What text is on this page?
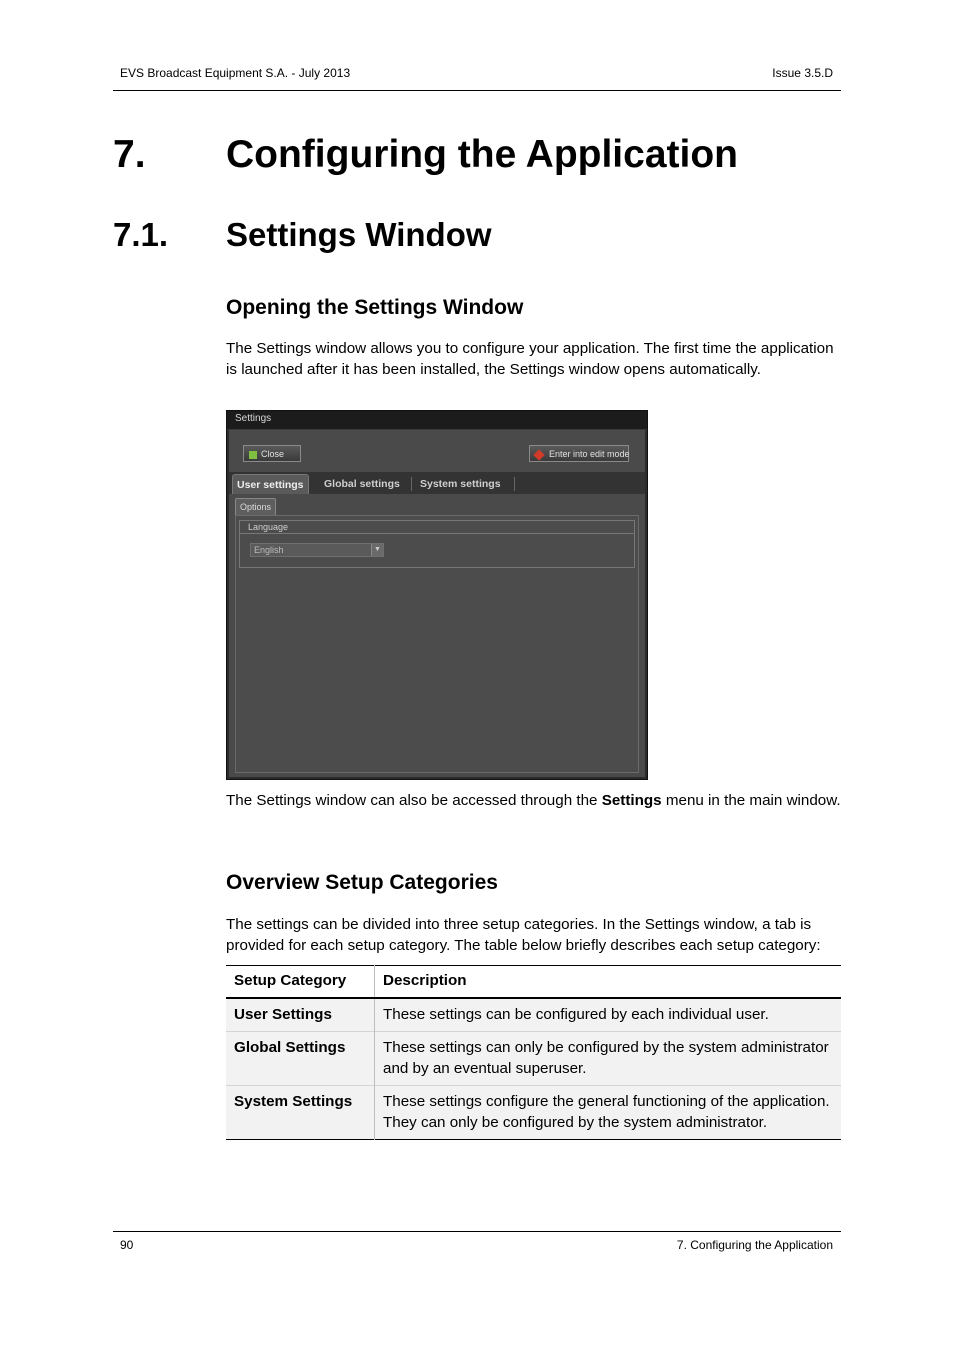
EVS Broadcast Equipment S.A. - July 2013	Issue 3.5.D
7. Configuring the Application
7.1. Settings Window
Opening the Settings Window
The Settings window allows you to configure your application. The first time the application is launched after it has been installed, the Settings window opens automatically.
Settings
Close	Enter into edit mode
User settings	Global settings	System settings
Options
Language
English	▼
The Settings window can also be accessed through the Settings menu in the main window.
Overview Setup Categories
The settings can be divided into three setup categories. In the Settings window, a tab is provided for each setup category. The table below briefly describes each setup category:
Setup Category	Description
User Settings	These settings can be configured by each individual user.
Global Settings	These settings can only be configured by the system administrator and by an eventual superuser.
System Settings	These settings configure the general functioning of the application. They can only be configured by the system administrator.
90	7. Configuring the Application
